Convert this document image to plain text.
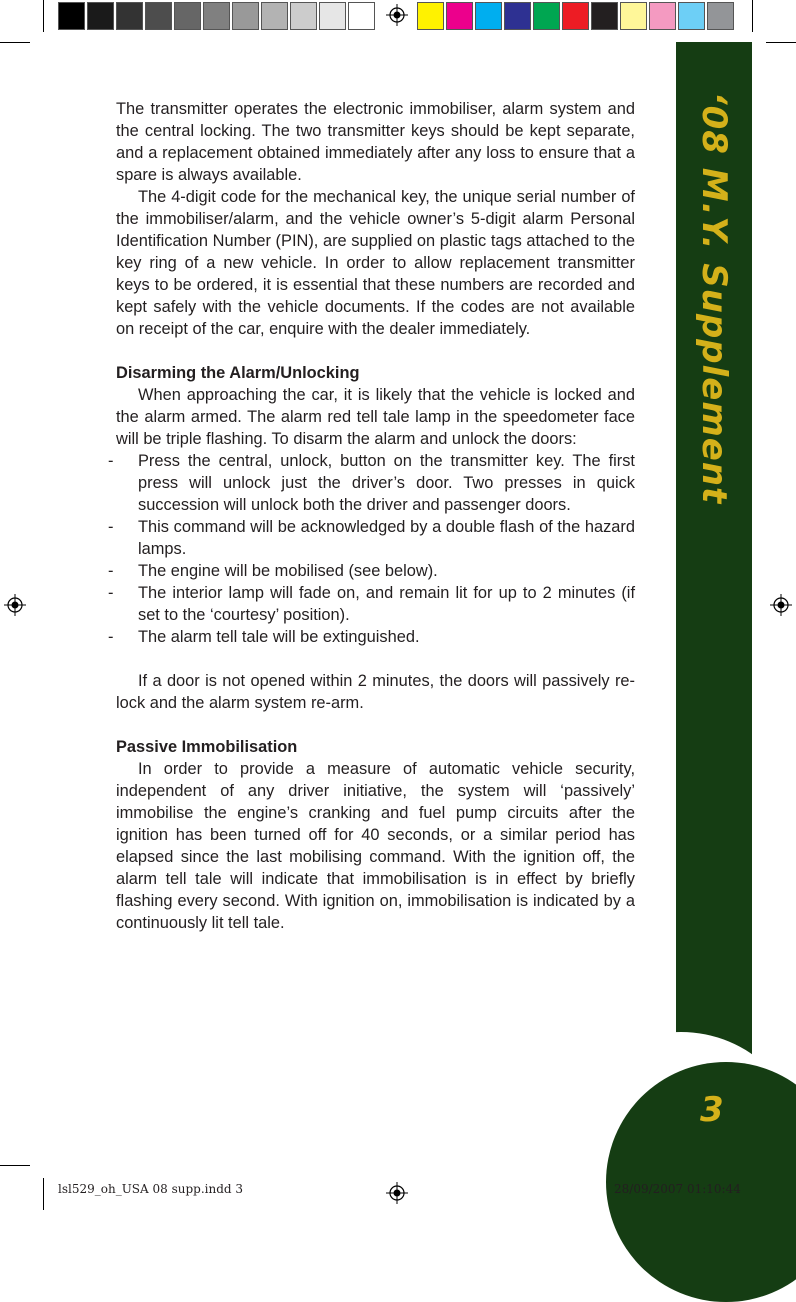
‘08 M.Y. Supplement
3

The transmitter operates the electronic immobiliser, alarm system and the central locking. The two transmitter keys should be kept separate, and a replacement obtained immediately after any loss to ensure that a spare is always available.

The 4-digit code for the mechanical key, the unique serial number of the immobiliser/alarm, and the vehicle owner’s 5-digit alarm Personal Identification Number (PIN), are supplied on plastic tags attached to the key ring of a new vehicle. In order to allow replacement transmitter keys to be ordered, it is essential that these numbers are recorded and kept safely with the vehicle documents. If the codes are not available on receipt of the car, enquire with the dealer immediately.

Disarming the Alarm/Unlocking

When approaching the car, it is likely that the vehicle is locked and the alarm armed. The alarm red tell tale lamp in the speedometer face will be triple flashing. To disarm the alarm and unlock the doors:

- Press the central, unlock, button on the transmitter key. The first press will unlock just the driver’s door. Two presses in quick succession will unlock both the driver and passenger doors.
- This command will be acknowledged by a double flash of the hazard lamps.
- The engine will be mobilised (see below).
- The interior lamp will fade on, and remain lit for up to 2 minutes (if set to the ‘courtesy’ position).
- The alarm tell tale will be extinguished.

If a door is not opened within 2 minutes, the doors will passively re-lock and the alarm system re-arm.

Passive Immobilisation

In order to provide a measure of automatic vehicle security, independent of any driver initiative, the system will ‘passively’ immobilise the engine’s cranking and fuel pump circuits after the ignition has been turned off for 40 seconds, or a similar period has elapsed since the last mobilising command. With the ignition off, the alarm tell tale will indicate that immobilisation is in effect by briefly flashing every second. With ignition on, immobilisation is indicated by a continuously lit tell tale.

lsl529_oh_USA 08 supp.indd 3	28/09/2007 01:10:44
